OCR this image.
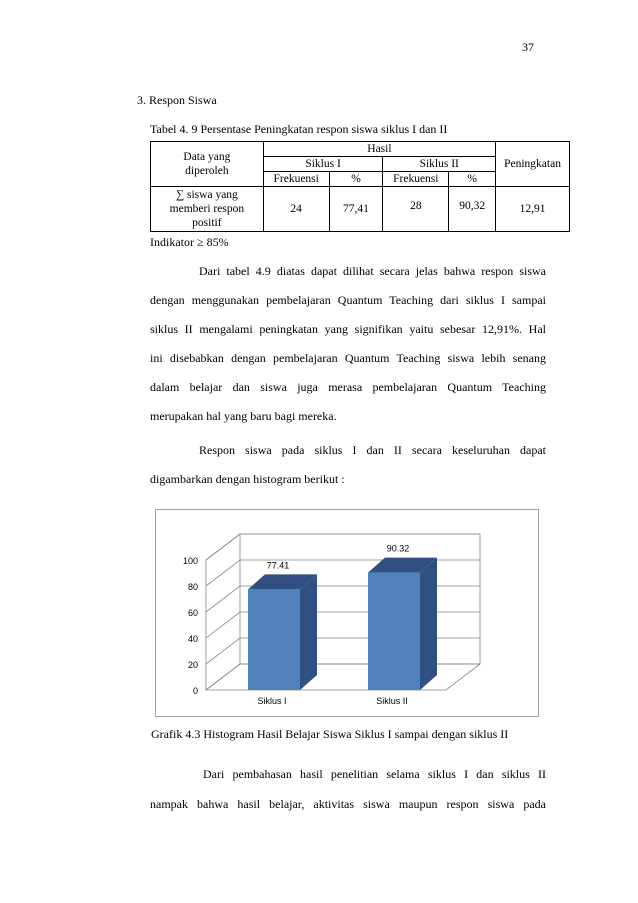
37
3. Respon Siswa
Tabel 4. 9 Persentase Peningkatan respon siswa siklus I dan II
Data yang diperoleh	Hasil				Peningkatan
	Siklus I		Siklus II		
	Frekuensi	%	Frekuensi	%	

∑ siswa yang memberi respon positif	24	77,41	28	90,32	12,91
Indikator ≥ 85%
Dari tabel 4.9 diatas dapat dilihat secara jelas bahwa respon siswa
dengan menggunakan pembelajaran Quantum Teaching dari siklus I sampai
siklus II mengalami peningkatan yang signifikan yaitu sebesar 12,91%. Hal
ini disebabkan dengan pembelajaran Quantum Teaching siswa lebih senang
dalam belajar dan siswa juga merasa pembelajaran Quantum Teaching
merupakan hal yang baru bagi mereka.
Respon siswa pada siklus I dan II secara keseluruhan dapat
digambarkan dengan histogram berikut :
0
20
40
60
80
100	77.41
Siklus I
90.32
Siklus II
Grafik 4.3 Histogram Hasil Belajar Siswa Siklus I sampai dengan siklus II
Dari pembahasan hasil penelitian selama siklus I dan siklus II
nampak bahwa hasil belajar, aktivitas siswa maupun respon siswa pada
